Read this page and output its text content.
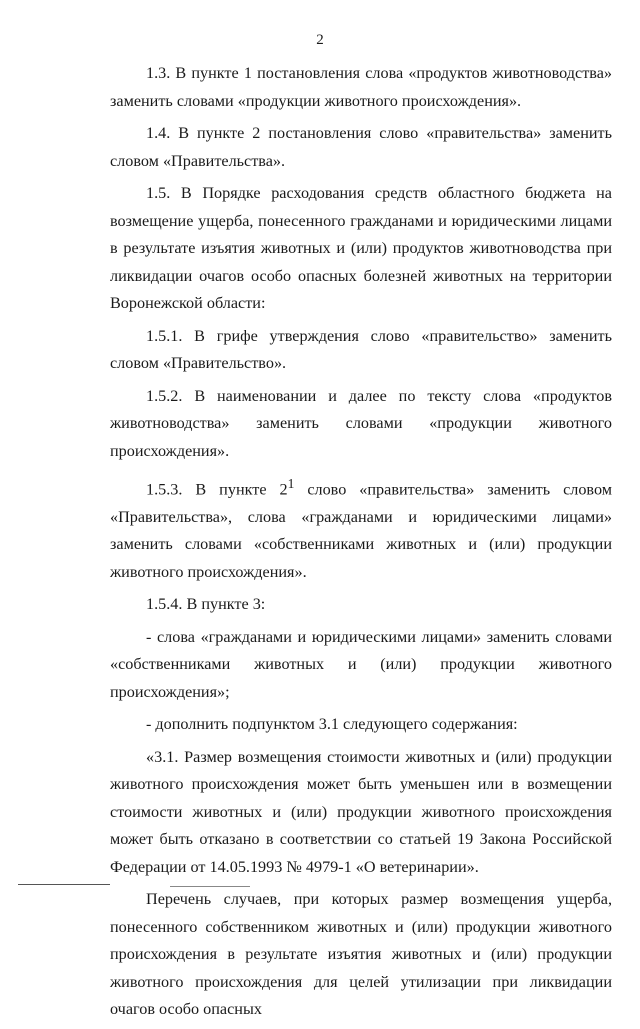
2

1.3. В пункте 1 постановления слова «продуктов животноводства» заменить словами «продукции животного происхождения».

1.4. В пункте 2 постановления слово «правительства» заменить словом «Правительства».

1.5. В Порядке расходования средств областного бюджета на возмещение ущерба, понесенного гражданами и юридическими лицами в результате изъятия животных и (или) продуктов животноводства при ликвидации очагов особо опасных болезней животных на территории Воронежской области:

1.5.1. В грифе утверждения слово «правительство» заменить словом «Правительство».

1.5.2. В наименовании и далее по тексту слова «продуктов животноводства» заменить словами «продукции животного происхождения».

1.5.3. В пункте $2^1$ слово «правительства» заменить словом «Правительства», слова «гражданами и юридическими лицами» заменить словами «собственниками животных и (или) продукции животного происхождения».

1.5.4. В пункте 3:

- слова «гражданами и юридическими лицами» заменить словами «собственниками животных и (или) продукции животного происхождения»;

- дополнить подпунктом 3.1 следующего содержания:

«3.1. Размер возмещения стоимости животных и (или) продукции животного происхождения может быть уменьшен или в возмещении стоимости животных и (или) продукции животного происхождения может быть отказано в соответствии со статьей 19 Закона Российской Федерации от 14.05.1993 № 4979-1 «О ветеринарии».

Перечень случаев, при которых размер возмещения ущерба, понесенного собственником животных и (или) продукции животного происхождения в результате изъятия животных и (или) продукции животного происхождения для целей утилизации при ликвидации очагов особо опасных
